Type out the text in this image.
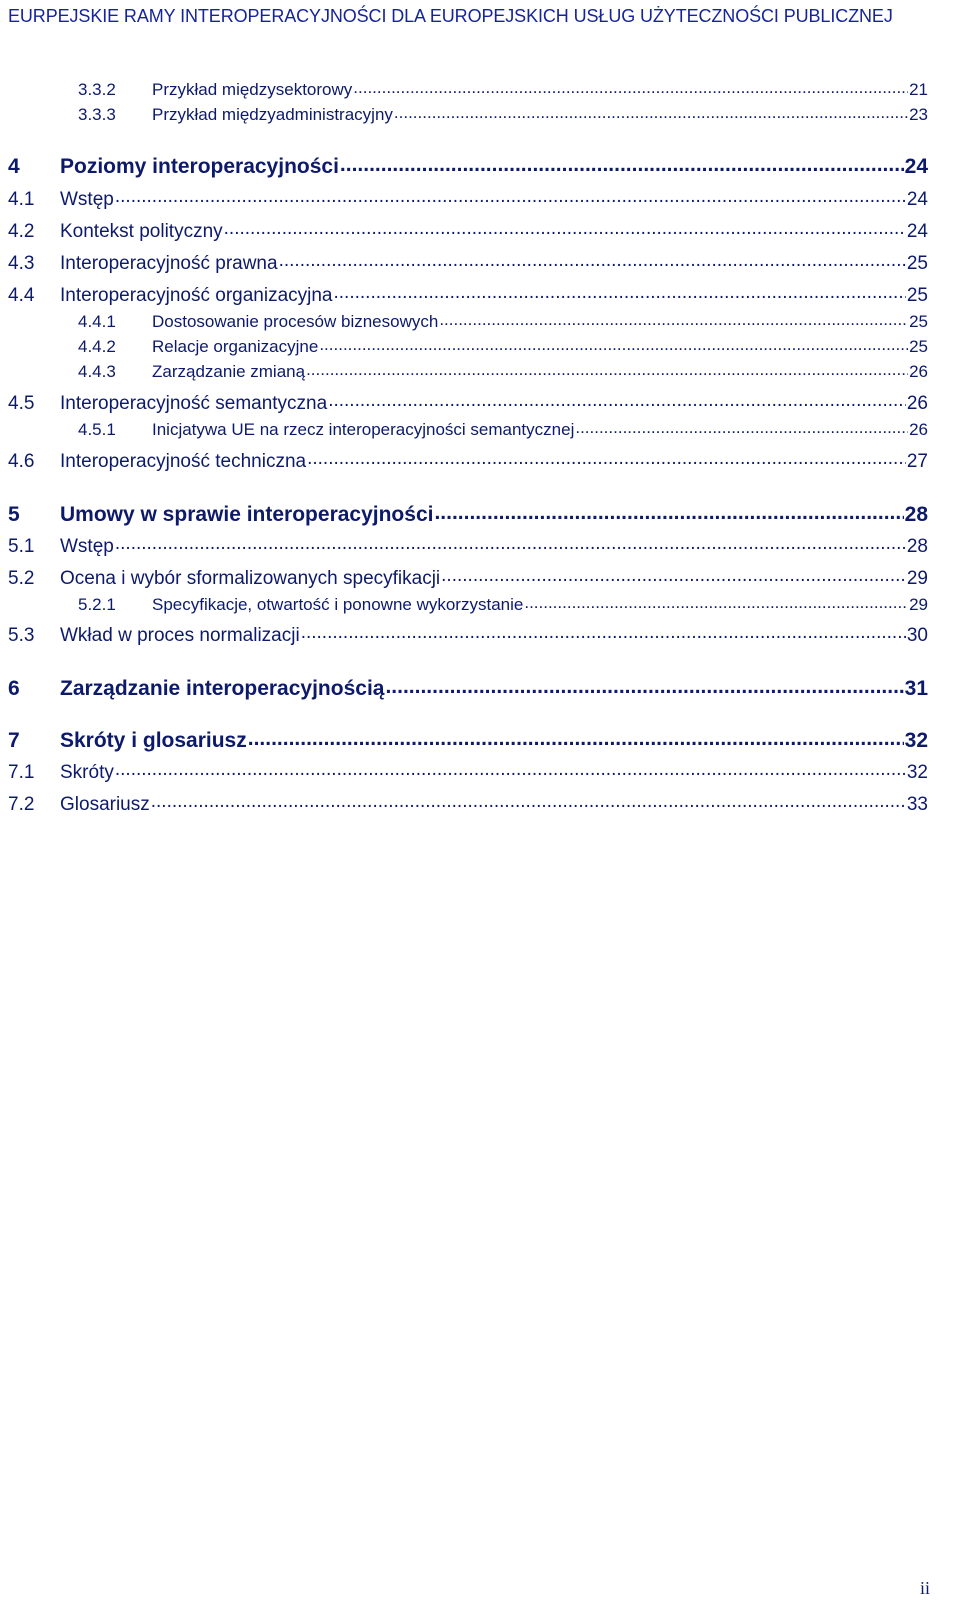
EURPEJSKIE RAMY INTEROPERACYJNOŚCI DLA EUROPEJSKICH USŁUG UŻYTECZNOŚCI PUBLICZNEJ
3.3.2	Przykład międzysektorowy .....	21
3.3.3	Przykład międzyadministracyjny .....	23
4	Poziomy interoperacyjności .....	24
4.1	Wstęp .....	24
4.2	Kontekst polityczny .....	24
4.3	Interoperacyjność prawna .....	25
4.4	Interoperacyjność organizacyjna .....	25
4.4.1	Dostosowanie procesów biznesowych .....	25
4.4.2	Relacje organizacyjne .....	25
4.4.3	Zarządzanie zmianą .....	26
4.5	Interoperacyjność semantyczna .....	26
4.5.1	Inicjatywa UE na rzecz interoperacyjności semantycznej .....	26
4.6	Interoperacyjność techniczna .....	27
5	Umowy w sprawie interoperacyjności .....	28
5.1	Wstęp .....	28
5.2	Ocena i wybór sformalizowanych specyfikacji .....	29
5.2.1	Specyfikacje, otwartość i ponowne wykorzystanie .....	29
5.3	Wkład w proces normalizacji .....	30
6	Zarządzanie interoperacyjnością .....	31
7	Skróty i glosariusz .....	32
7.1	Skróty .....	32
7.2	Glosariusz .....	33
ii
